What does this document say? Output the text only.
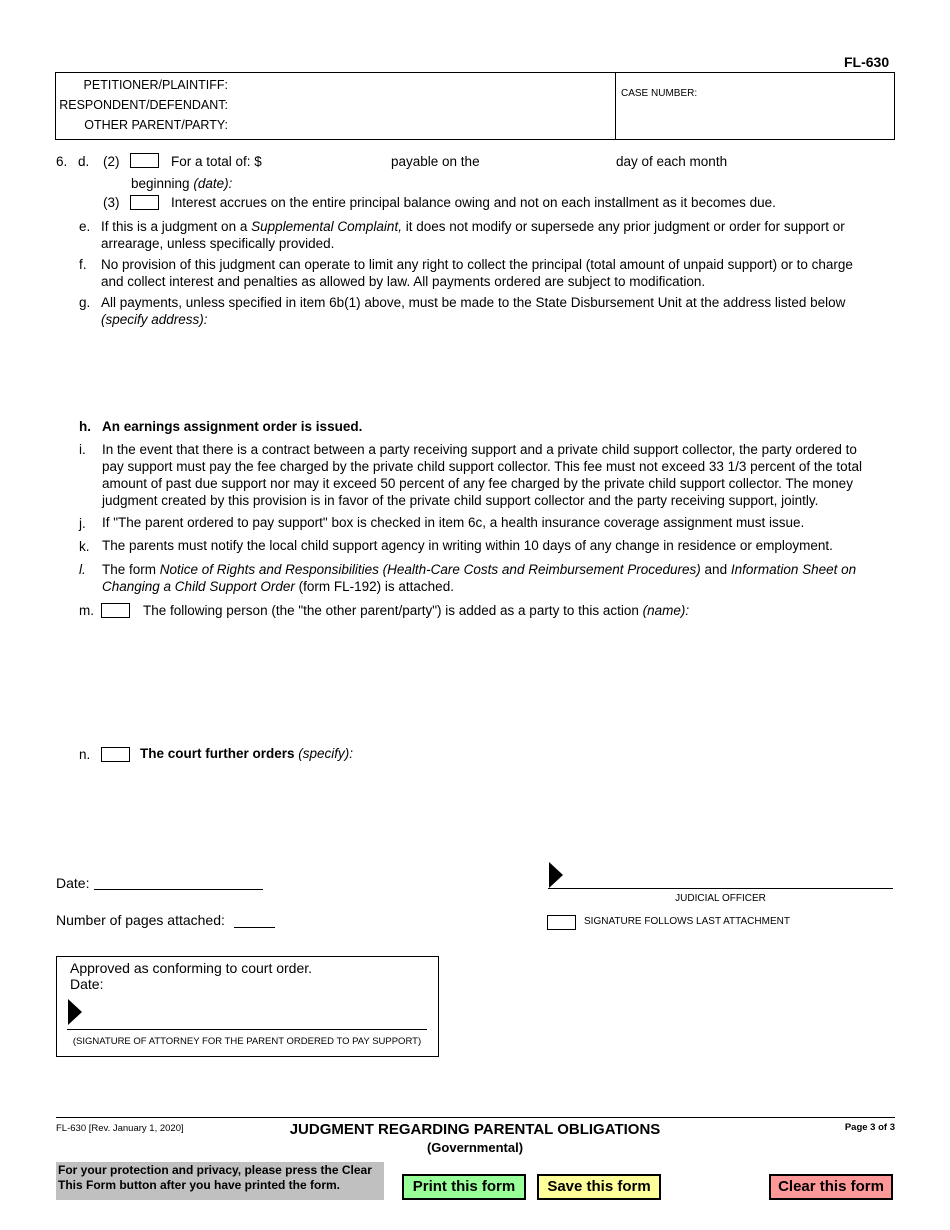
FL-630
PETITIONER/PLAINTIFF:
RESPONDENT/DEFENDANT:
OTHER PARENT/PARTY:
CASE NUMBER:
6. d. (2)	For a total of: $	payable on the	day of each month
beginning (date):
(3)	Interest accrues on the entire principal balance owing and not on each installment as it becomes due.
e. If this is a judgment on a Supplemental Complaint, it does not modify or supersede any prior judgment or order for support or
arrearage, unless specifically provided.
f. No provision of this judgment can operate to limit any right to collect the principal (total amount of unpaid support) or to charge
and collect interest and penalties as allowed by law. All payments ordered are subject to modification.
g. All payments, unless specified in item 6b(1) above, must be made to the State Disbursement Unit at the address listed below
(specify address):
h. An earnings assignment order is issued.
i. In the event that there is a contract between a party receiving support and a private child support collector, the party ordered to
pay support must pay the fee charged by the private child support collector. This fee must not exceed 33 1/3 percent of the total
amount of past due support nor may it exceed 50 percent of any fee charged by the private child support collector. The money
judgment created by this provision is in favor of the private child support collector and the party receiving support, jointly.
j. If "The parent ordered to pay support" box is checked in item 6c, a health insurance coverage assignment must issue.
k. The parents must notify the local child support agency in writing within 10 days of any change in residence or employment.
l. The form Notice of Rights and Responsibilities (Health-Care Costs and Reimbursement Procedures) and Information Sheet on
Changing a Child Support Order (form FL-192) is attached.
m.	The following person (the "the other parent/party") is added as a party to this action (name):
n.	The court further orders (specify):
Date:
Number of pages attached:
JUDICIAL OFFICER
SIGNATURE FOLLOWS LAST ATTACHMENT
Approved as conforming to court order.
Date:
(SIGNATURE OF ATTORNEY FOR THE PARENT ORDERED TO PAY SUPPORT)
FL-630 [Rev. January 1, 2020]	JUDGMENT REGARDING PARENTAL OBLIGATIONS
(Governmental)
Page 3 of 3
For your protection and privacy, please press the Clear This Form button after you have printed the form.	Print this form	Save this form	Clear this form
